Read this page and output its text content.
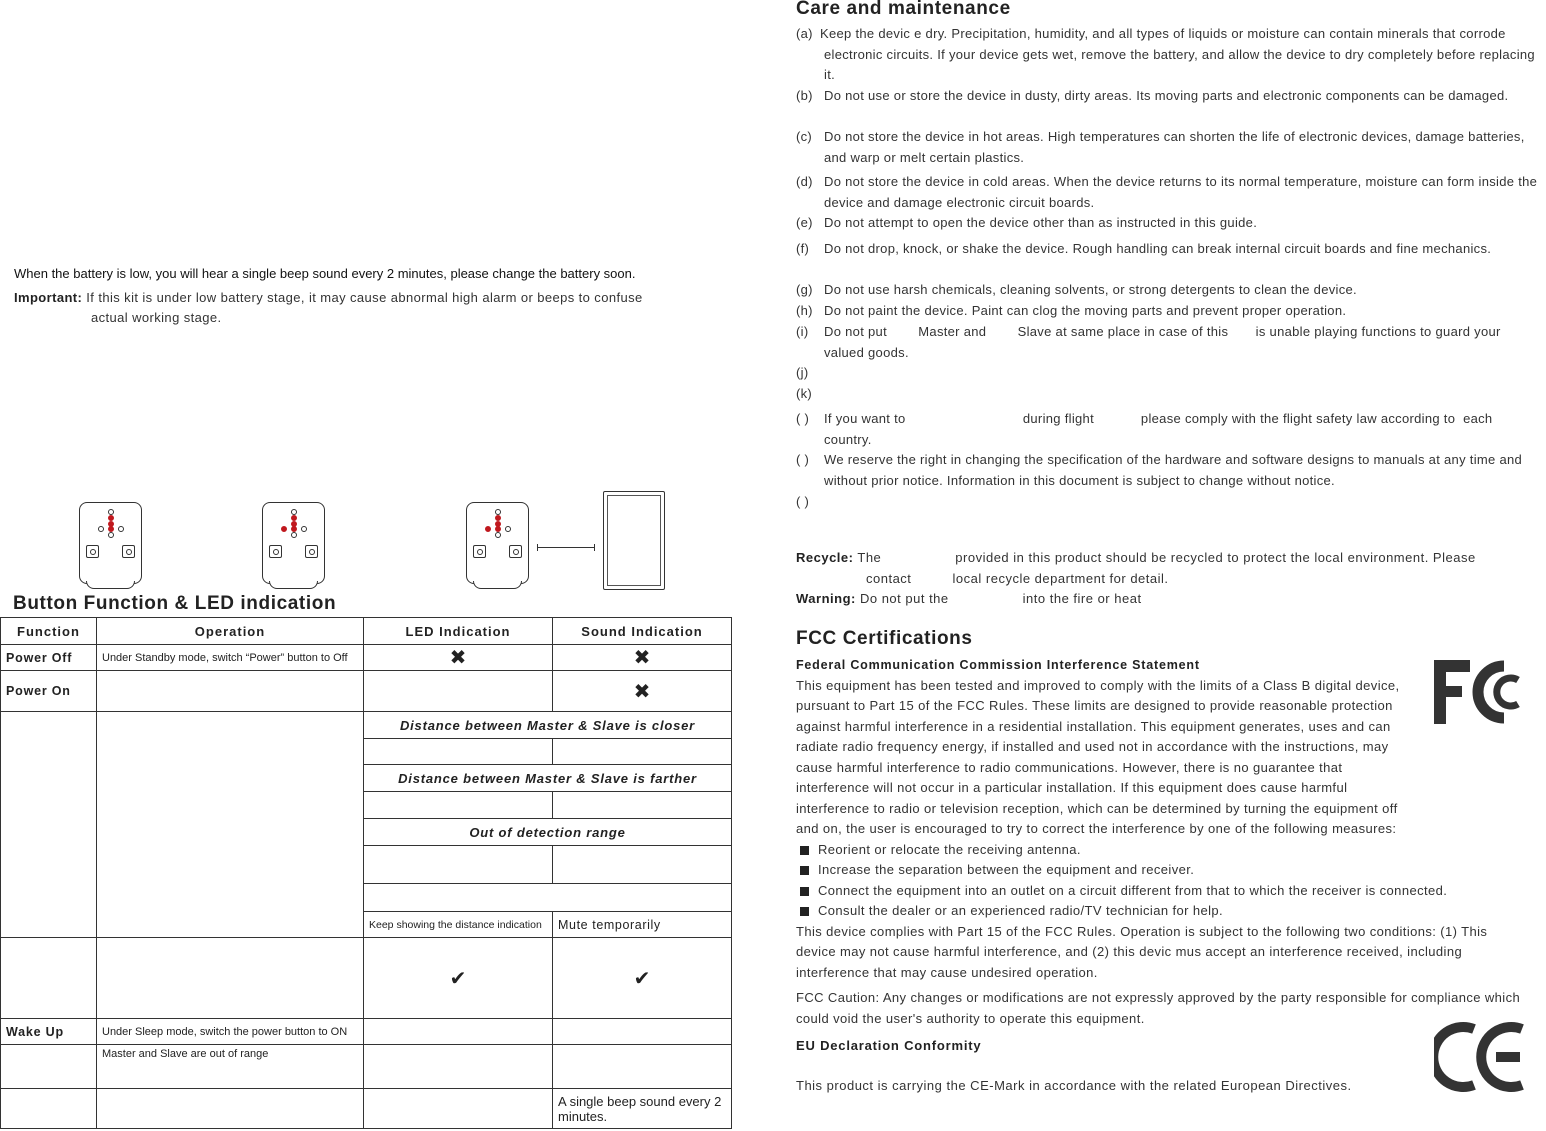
When the battery is low, you will hear a single beep sound every 2 minutes, please change the battery soon.
Important: If this kit is under low battery stage, it may cause abnormal high alarm or beeps to confuse
actual working stage.
Button Function & LED indication
Function	Operation	LED Indication	Sound Indication
Power Off	Under Standby mode, switch “Power” button to Off	✖	✖
Power On			✖
		Distance between Master & Slave is closer	

		Distance between Master & Slave is farther	

		Out of detection range	

		Keep showing the distance indication	Mute temporarily
		✔	✔
Wake Up	Under Sleep mode, switch the power button to ON		
	Master and Slave are out of range		
			A single beep sound every 2 minutes.
Care and maintenance
(a) Keep the devic e dry. Precipitation, humidity, and all types of liquids or moisture can contain minerals that corrode electronic circuits. If your device gets wet, remove the battery, and allow the device to dry completely before replacing it.
(b) Do not use or store the device in dusty, dirty areas. Its moving parts and electronic components can be damaged.
(c) Do not store the device in hot areas. High temperatures can shorten the life of electronic devices, damage batteries, and warp or melt certain plastics.
(d) Do not store the device in cold areas. When the device returns to its normal temperature, moisture can form inside the device and damage electronic circuit boards.
(e) Do not attempt to open the device other than as instructed in this guide.
(f)	Do not drop, knock, or shake the device. Rough handling can break internal circuit boards and fine mechanics.
(g) Do not use harsh chemicals, cleaning solvents, or strong detergents to clean the device.
(h) Do not paint the device. Paint can clog the moving parts and prevent proper operation.
(i)	Do not put        Master and        Slave at same place in case of this       is unable playing functions to guard your  valued goods.
(j)
(k)
( )	If you want to                              during flight            please comply with the flight safety law according to  each country.
( )	We reserve the right in changing the specification of the hardware and software designs to manuals at any time and without prior notice. Information in this document is subject to change without notice.
( )
Recycle: The                  provided in this product should be recycled to protect the local environment. Please
contact          local recycle department for detail.
Warning: Do not put the                  into the fire or heat
FCC Certifications
Federal Communication Commission Interference Statement
This equipment has been tested and improved to comply with the limits of a Class B digital device, pursuant to Part 15 of the FCC Rules. These limits are designed to provide reasonable protection against harmful interference in a residential installation. This equipment generates, uses and can radiate radio frequency energy, if installed and used not in accordance with the instructions, may cause harmful interference to radio communications. However, there is no guarantee that interference will not occur in a particular installation. If this equipment does cause harmful interference to radio or television reception, which can be determined by turning the equipment off and on, the user is encouraged to try to correct the interference by one of the following measures:
Reorient or relocate the receiving antenna.
Increase the separation between the equipment and receiver.
Connect the equipment into an outlet on a circuit different from that to which the receiver is connected.
Consult the dealer or an experienced radio/TV technician for help.
This device complies with Part 15 of the FCC Rules. Operation is subject to the following two conditions: (1) This device may not cause harmful interference, and (2) this devic mus accept an interference received, including interference that may cause undesired operation.
FCC Caution: Any changes or modifications are not expressly approved by the party responsible for compliance which could void the user's authority to operate this equipment.
EU Declaration Conformity
This product is carrying the CE-Mark in accordance with the related European Directives.
